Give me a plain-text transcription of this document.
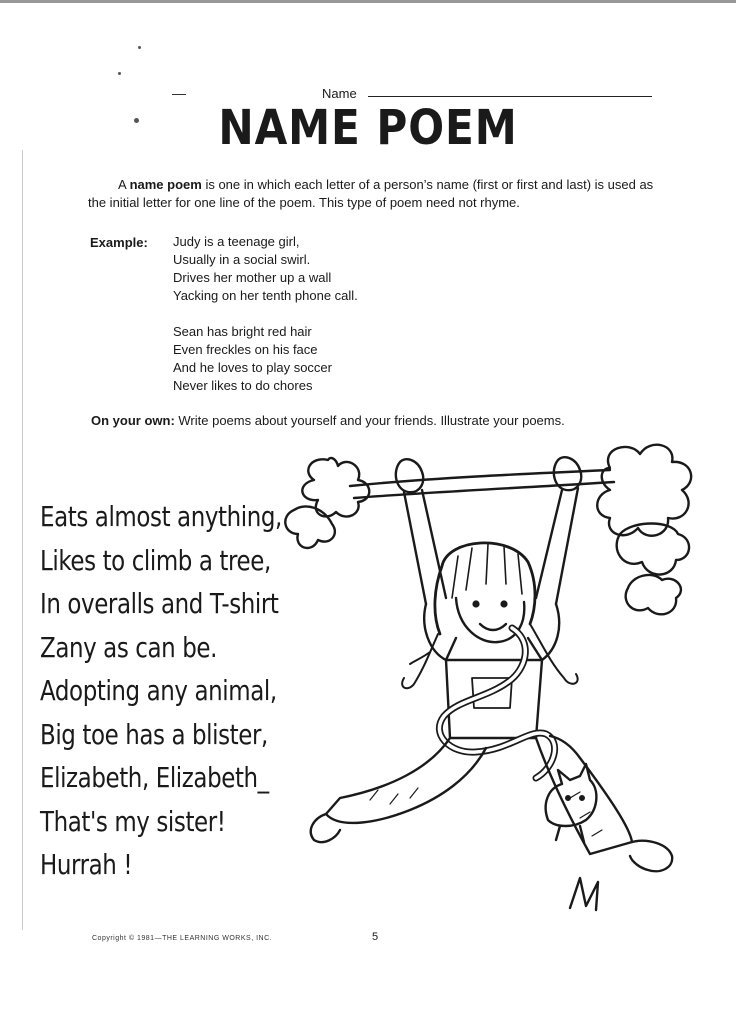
Name
NAME POEM
A name poem is one in which each letter of a person’s name (first or first and last) is used as the initial letter for one line of the poem. This type of poem need not rhyme.
Example: Judy is a teenage girl,
Usually in a social swirl.
Drives her mother up a wall
Yacking on her tenth phone call.
Sean has bright red hair
Even freckles on his face
And he loves to play soccer
Never likes to do chores
On your own: Write poems about yourself and your friends. Illustrate your poems.
Eats almost anything,
Likes to climb a tree,
In overalls and T-shirt
Zany as can be.
Adopting any animal,
Big toe has a blister,
Elizabeth, Elizabeth_
That's my sister!
Hurrah !
Copyright © 1981—THE LEARNING WORKS, INC.	5
